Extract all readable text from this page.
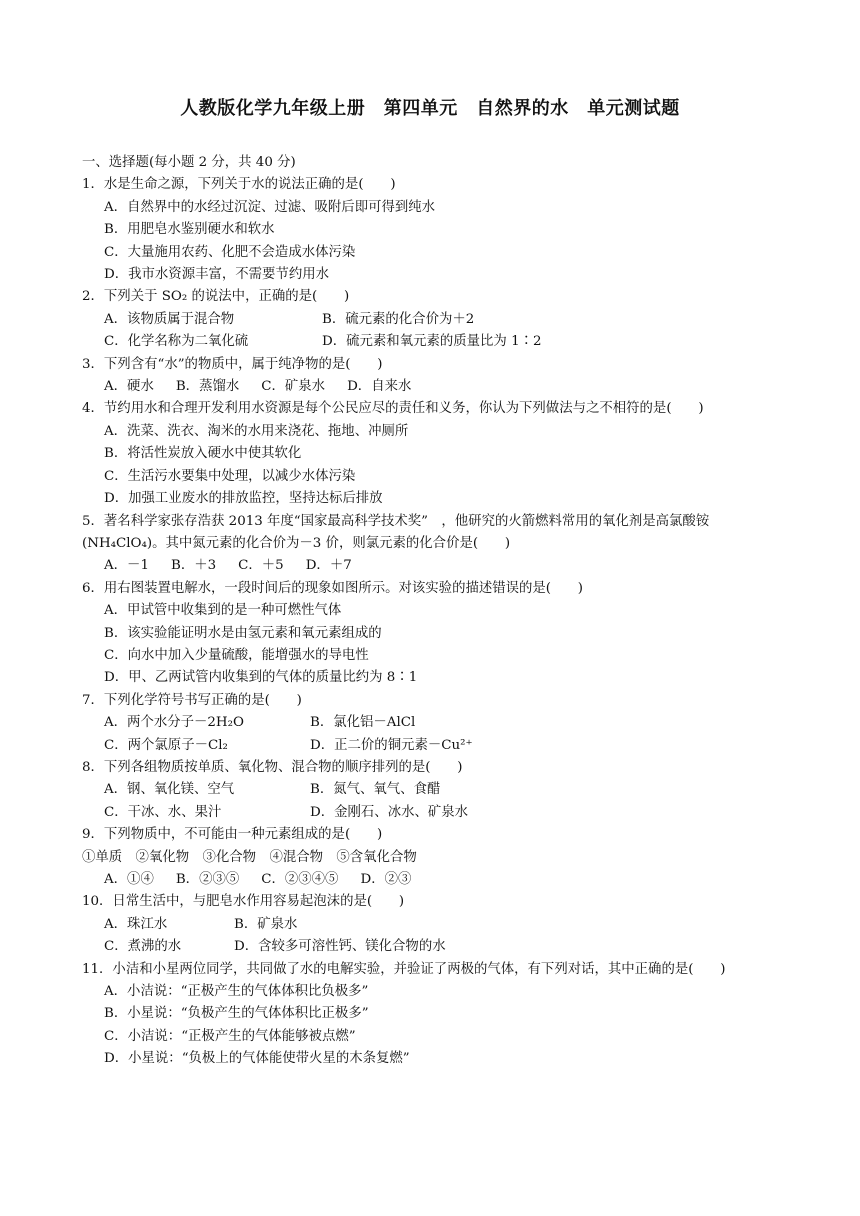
人教版化学九年级上册　第四单元　自然界的水　单元测试题
一、选择题(每小题 2 分，共 40 分)
1．水是生命之源，下列关于水的说法正确的是(　　)
A．自然界中的水经过沉淀、过滤、吸附后即可得到纯水
B．用肥皂水鉴别硬水和软水
C．大量施用农药、化肥不会造成水体污染
D．我市水资源丰富，不需要节约用水
2．下列关于 SO₂ 的说法中，正确的是(　　)
A．该物质属于混合物	B．硫元素的化合价为＋2
C．化学名称为二氧化硫	D．硫元素和氧元素的质量比为 1∶2
3．下列含有“水”的物质中，属于纯净物的是(　　)
A．硬水 B．蒸馏水 C．矿泉水 D．自来水
4．节约用水和合理开发利用水资源是每个公民应尽的责任和义务，你认为下列做法与之不相符的是(　　)
A．洗菜、洗衣、淘米的水用来浇花、拖地、冲厕所
B．将活性炭放入硬水中使其软化
C．生活污水要集中处理，以减少水体污染
D．加强工业废水的排放监控，坚持达标后排放
5．著名科学家张存浩获 2013 年度“国家最高科学技术奖”　，他研究的火箭燃料常用的氧化剂是高氯酸铵(NH₄ClO₄)。其中氮元素的化合价为－3 价，则氯元素的化合价是(　　)
A．－1 B．＋3 C．＋5 D．＋7
6．用右图装置电解水，一段时间后的现象如图所示。对该实验的描述错误的是(　　)
A．甲试管中收集到的是一种可燃性气体
B．该实验能证明水是由氢元素和氧元素组成的
C．向水中加入少量硫酸，能增强水的导电性
D．甲、乙两试管内收集到的气体的质量比约为 8∶1
7．下列化学符号书写正确的是(　　)
A．两个水分子－2H₂O	B．氯化铝－AlCl
C．两个氯原子－Cl₂	D．正二价的铜元素－Cu²⁺
8．下列各组物质按单质、氧化物、混合物的顺序排列的是(　　)
A．钢、氧化镁、空气	B．氮气、氧气、食醋
C．干冰、水、果汁	D．金刚石、冰水、矿泉水
9．下列物质中，不可能由一种元素组成的是(　　)
①单质　②氧化物　③化合物　④混合物　⑤含氧化合物
A．①④ B．②③⑤ C．②③④⑤ D．②③
10．日常生活中，与肥皂水作用容易起泡沫的是(　　)
A．珠江水	B．矿泉水
C．煮沸的水	D．含较多可溶性钙、镁化合物的水
11．小洁和小星两位同学，共同做了水的电解实验，并验证了两极的气体，有下列对话，其中正确的是(　　)
A．小洁说：“正极产生的气体体积比负极多”
B．小星说：“负极产生的气体体积比正极多”
C．小洁说：“正极产生的气体能够被点燃”
D．小星说：“负极上的气体能使带火星的木条复燃”
